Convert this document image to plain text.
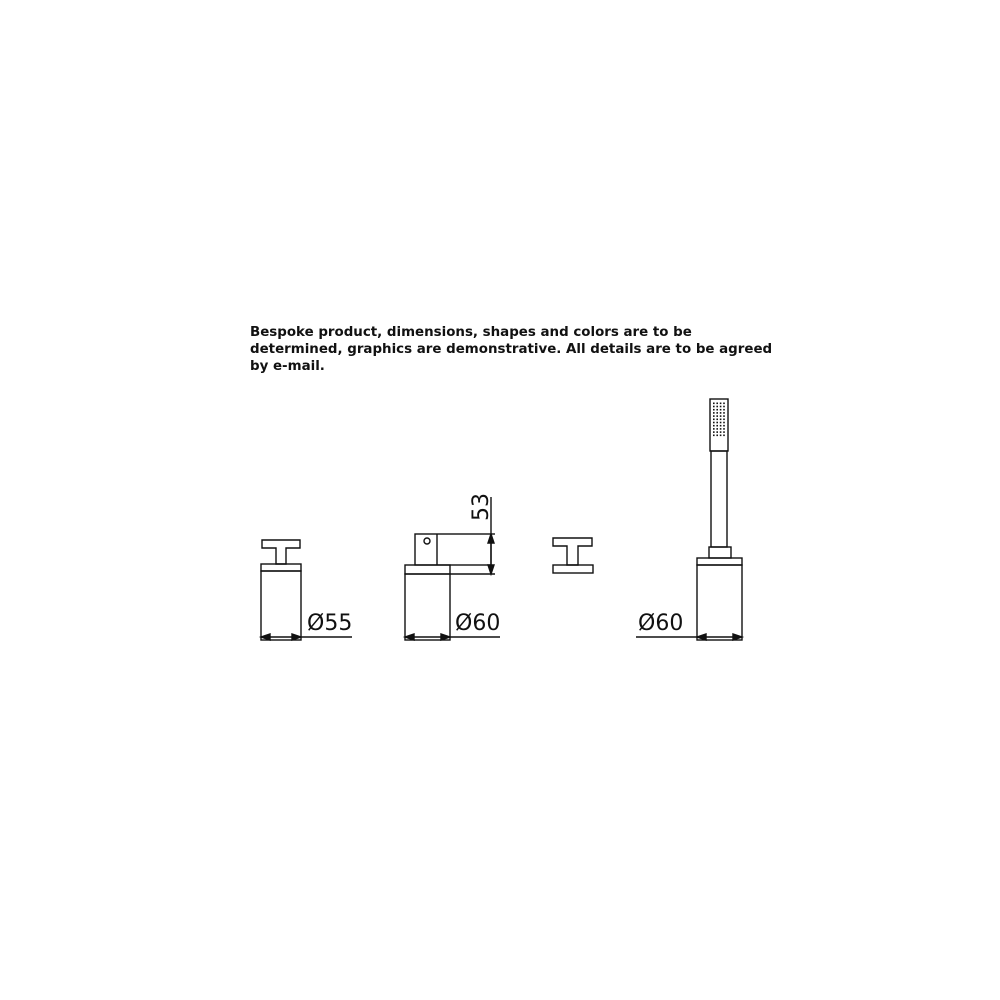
Bespoke product, dimensions, shapes and colors are to be
determined, graphics are demonstrative. All details are to be agreed
by e-mail.
Ø55
53
Ø60	Ø60
